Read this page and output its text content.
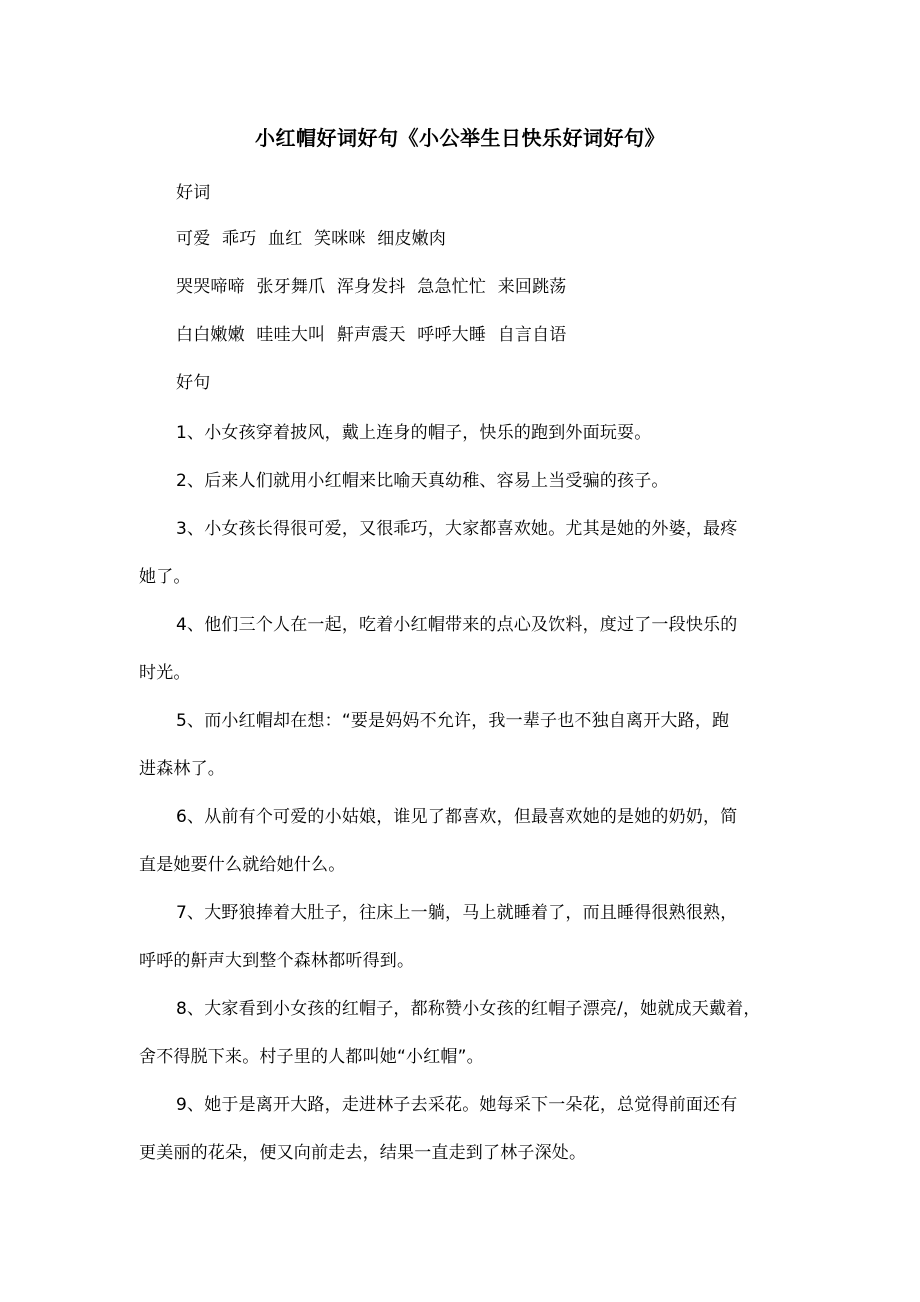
小红帽好词好句《小公举生日快乐好词好句》
好词
可爱 乖巧 血红 笑咪咪 细皮嫩肉
哭哭啼啼 张牙舞爪 浑身发抖 急急忙忙 来回跳荡
白白嫩嫩 哇哇大叫 鼾声震天 呼呼大睡 自言自语
好句
1、小女孩穿着披风，戴上连身的帽子，快乐的跑到外面玩耍。
2、后来人们就用小红帽来比喻天真幼稚、容易上当受骗的孩子。
3、小女孩长得很可爱，又很乖巧，大家都喜欢她。尤其是她的外婆，最疼
她了。
4、他们三个人在一起，吃着小红帽带来的点心及饮料，度过了一段快乐的
时光。
5、而小红帽却在想：“要是妈妈不允许，我一辈子也不独自离开大路，跑
进森林了。
6、从前有个可爱的小姑娘，谁见了都喜欢，但最喜欢她的是她的奶奶，简
直是她要什么就给她什么。
7、大野狼捧着大肚子，往床上一躺，马上就睡着了，而且睡得很熟很熟，
呼呼的鼾声大到整个森林都听得到。
8、大家看到小女孩的红帽子，都称赞小女孩的红帽子漂亮/，她就成天戴着，
舍不得脱下来。村子里的人都叫她“小红帽”。
9、她于是离开大路，走进林子去采花。她每采下一朵花，总觉得前面还有
更美丽的花朵，便又向前走去，结果一直走到了林子深处。
